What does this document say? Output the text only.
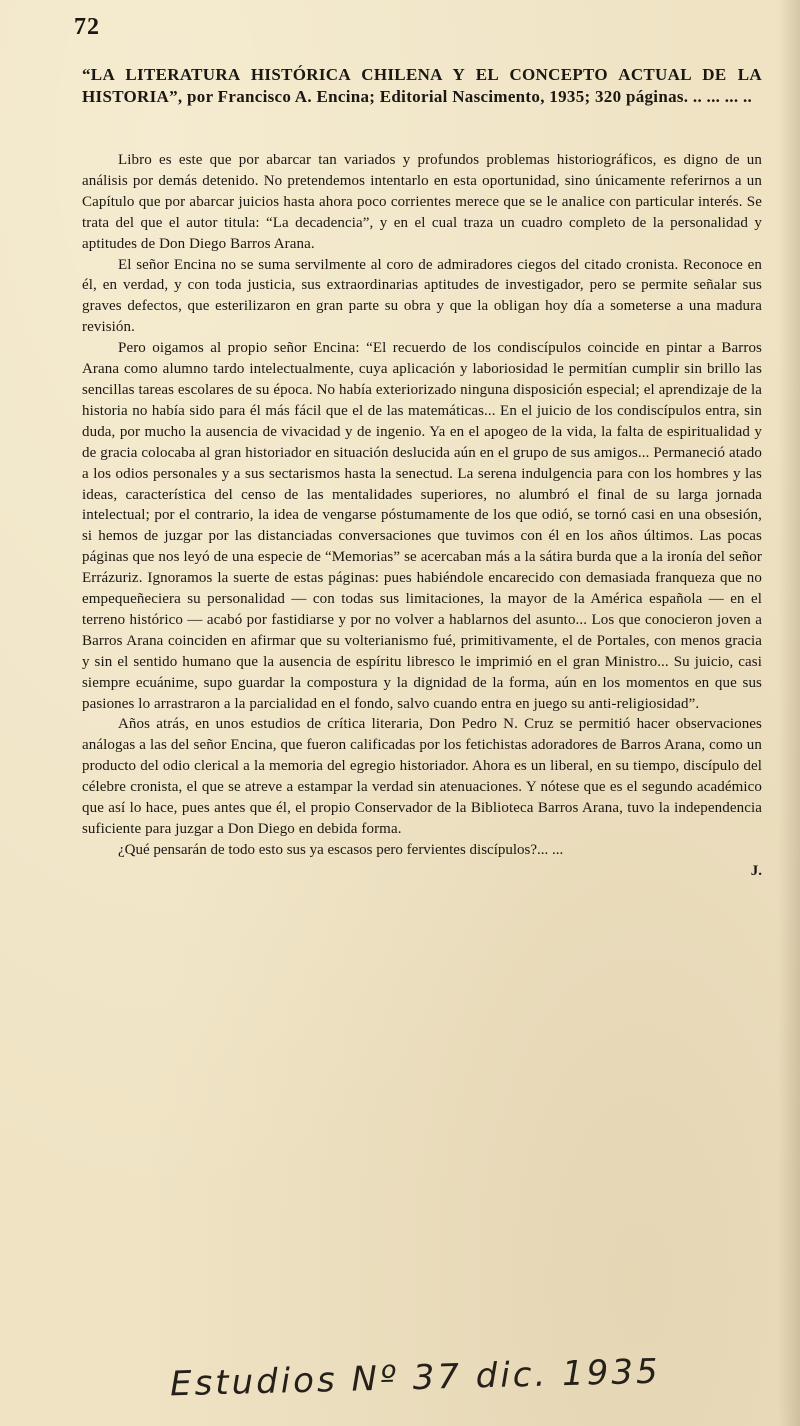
72
“LA LITERATURA HISTÓRICA CHILENA Y EL CONCEPTO ACTUAL DE LA HISTORIA”, por Francisco A. Encina; Editorial Nascimento, 1935; 320 páginas. .. ... ... ..

Libro es este que por abarcar tan variados y profundos problemas historiográficos, es digno de un análisis por demás detenido. No pretendemos intentarlo en esta oportunidad, sino únicamente referirnos a un Capítulo que por abarcar juicios hasta ahora poco corrientes merece que se le analice con particular interés. Se trata del que el autor titula: “La decadencia”, y en el cual traza un cuadro completo de la personalidad y aptitudes de Don Diego Barros Arana.

El señor Encina no se suma servilmente al coro de admiradores ciegos del citado cronista. Reconoce en él, en verdad, y con toda justicia, sus extraordinarias aptitudes de investigador, pero se permite señalar sus graves defectos, que esterilizaron en gran parte su obra y que la obligan hoy día a someterse a una madura revisión.

Pero oigamos al propio señor Encina: “El recuerdo de los condiscípulos coincide en pintar a Barros Arana como alumno tardo intelectualmente, cuya aplicación y laboriosidad le permitían cumplir sin brillo las sencillas tareas escolares de su época. No había exteriorizado ninguna disposición especial; el aprendizaje de la historia no había sido para él más fácil que el de las matemáticas... En el juicio de los condiscípulos entra, sin duda, por mucho la ausencia de vivacidad y de ingenio. Ya en el apogeo de la vida, la falta de espiritualidad y de gracia colocaba al gran historiador en situación deslucida aún en el grupo de sus amigos... Permaneció atado a los odios personales y a sus sectarismos hasta la senectud. La serena indulgencia para con los hombres y las ideas, característica del censo de las mentalidades superiores, no alumbró el final de su larga jornada intelectual; por el contrario, la idea de vengarse póstumamente de los que odió, se tornó casi en una obsesión, si hemos de juzgar por las distanciadas conversaciones que tuvimos con él en los años últimos. Las pocas páginas que nos leyó de una especie de “Memorias” se acercaban más a la sátira burda que a la ironía del señor Errázuriz. Ignoramos la suerte de estas páginas: pues habiéndole encarecido con demasiada franqueza que no empequeñeciera su personalidad — con todas sus limitaciones, la mayor de la América española — en el terreno histórico — acabó por fastidiarse y por no volver a hablarnos del asunto... Los que conocieron joven a Barros Arana coinciden en afirmar que su volterianismo fué, primitivamente, el de Portales, con menos gracia y sin el sentido humano que la ausencia de espíritu libresco le imprimió en el gran Ministro... Su juicio, casi siempre ecuánime, supo guardar la compostura y la dignidad de la forma, aún en los momentos en que sus pasiones lo arrastraron a la parcialidad en el fondo, salvo cuando entra en juego su anti-religiosidad”.

Años atrás, en unos estudios de crítica literaria, Don Pedro N. Cruz se permitió hacer observaciones análogas a las del señor Encina, que fueron calificadas por los fetichistas adoradores de Barros Arana, como un producto del odio clerical a la memoria del egregio historiador. Ahora es un liberal, en su tiempo, discípulo del célebre cronista, el que se atreve a estampar la verdad sin atenuaciones. Y nótese que es el segundo académico que así lo hace, pues antes que él, el propio Conservador de la Biblioteca Barros Arana, tuvo la independencia suficiente para juzgar a Don Diego en debida forma.

¿Qué pensarán de todo esto sus ya escasos pero fervientes discípulos?... ...
J.
Estudios Nº 37 dic. 1935
